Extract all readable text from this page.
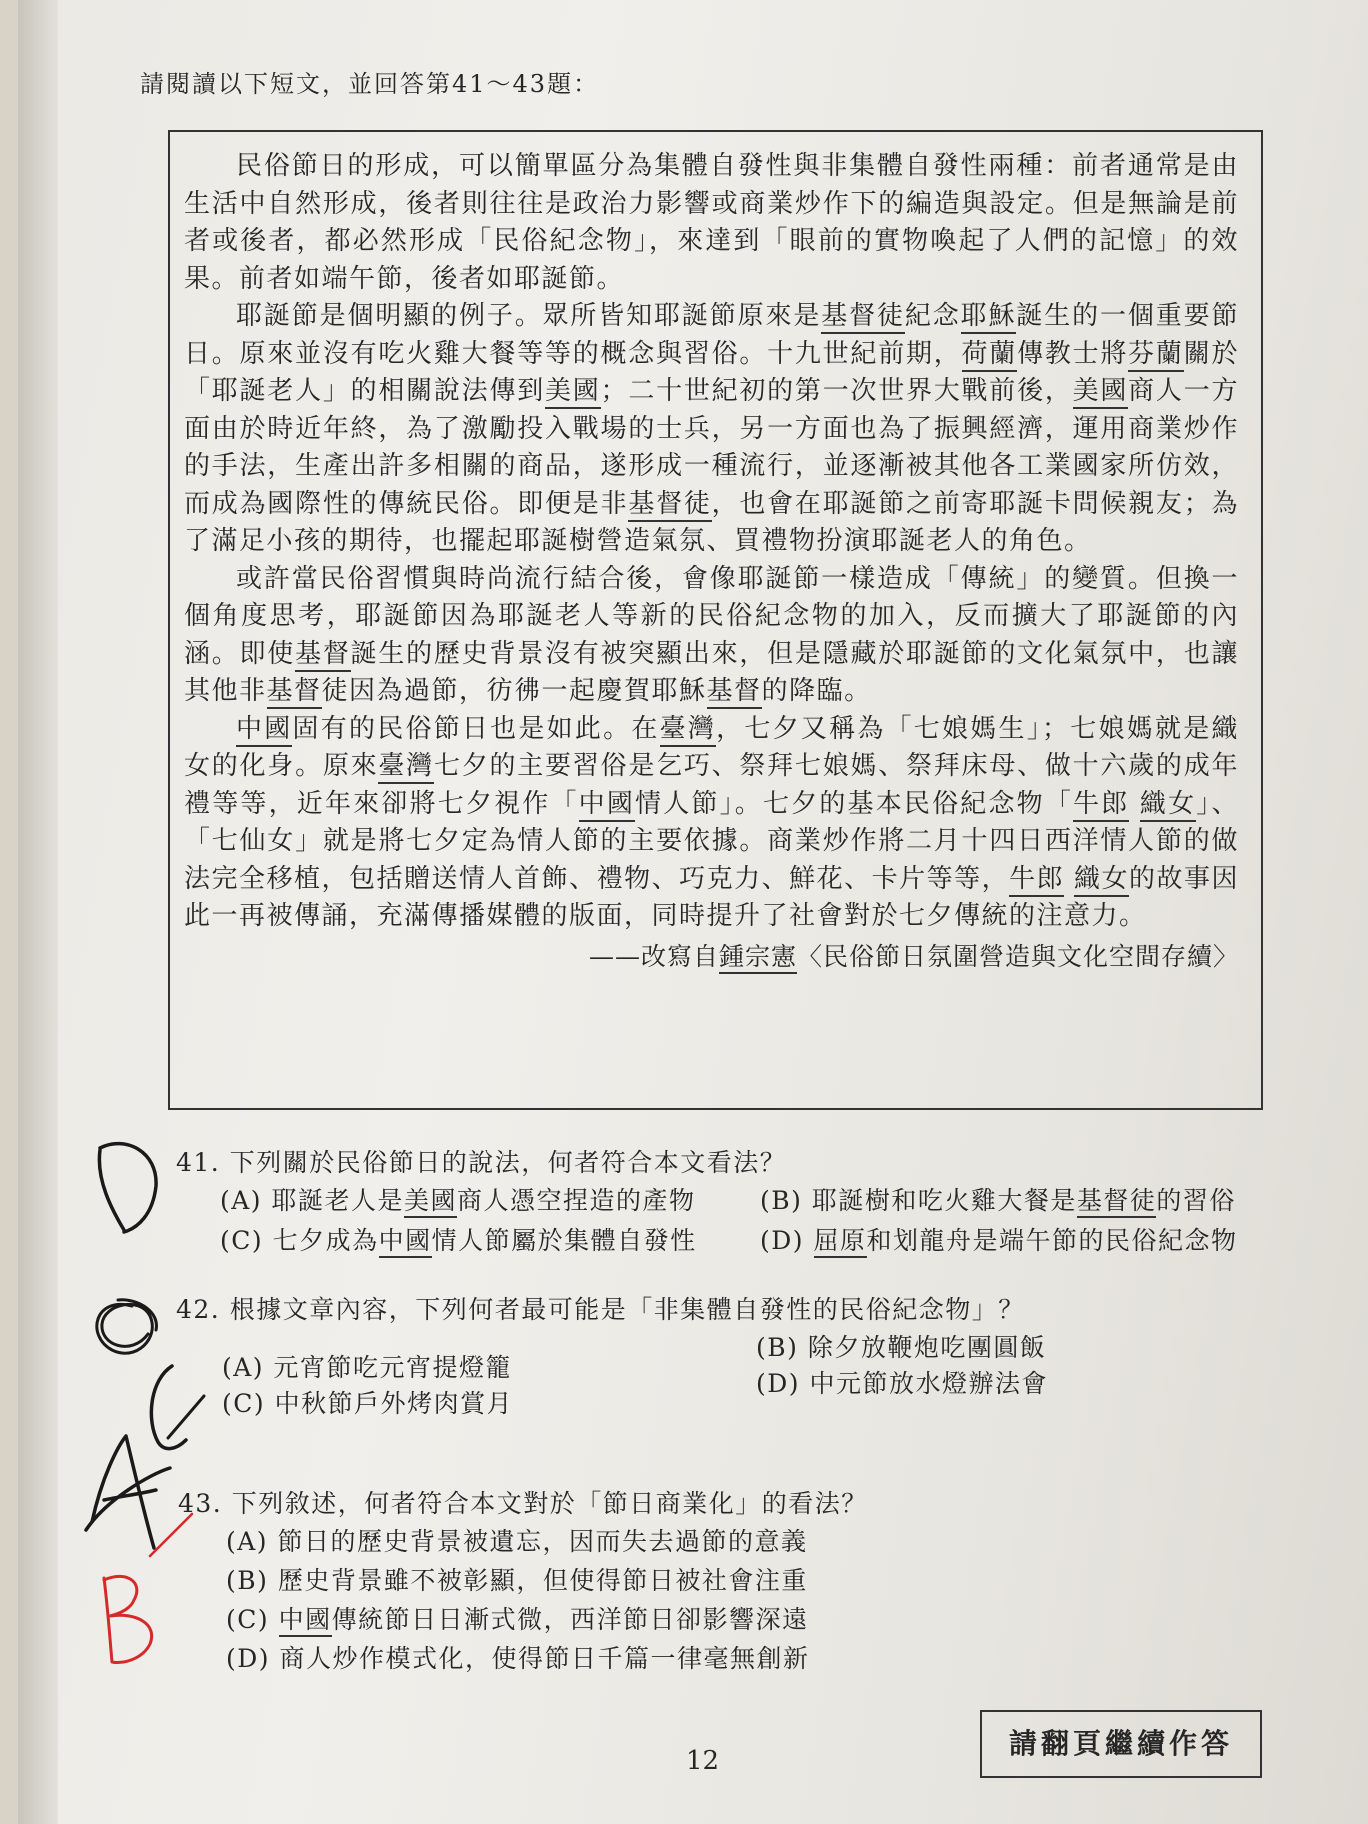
請閱讀以下短文，並回答第41～43題：

民俗節日的形成，可以簡單區分為集體自發性與非集體自發性兩種：前者通常是由生活中自然形成，後者則往往是政治力影響或商業炒作下的編造與設定。但是無論是前者或後者，都必然形成「民俗紀念物」，來達到「眼前的實物喚起了人們的記憶」的效果。前者如端午節，後者如耶誕節。

耶誕節是個明顯的例子。眾所皆知耶誕節原來是基督徒紀念耶穌誕生的一個重要節日。原來並沒有吃火雞大餐等等的概念與習俗。十九世紀前期，荷蘭傳教士將芬蘭關於「耶誕老人」的相關說法傳到美國；二十世紀初的第一次世界大戰前後，美國商人一方面由於時近年終，為了激勵投入戰場的士兵，另一方面也為了振興經濟，運用商業炒作的手法，生產出許多相關的商品，遂形成一種流行，並逐漸被其他各工業國家所仿效，而成為國際性的傳統民俗。即便是非基督徒，也會在耶誕節之前寄耶誕卡問候親友；為了滿足小孩的期待，也擺起耶誕樹營造氣氛、買禮物扮演耶誕老人的角色。

或許當民俗習慣與時尚流行結合後，會像耶誕節一樣造成「傳統」的變質。但換一個角度思考，耶誕節因為耶誕老人等新的民俗紀念物的加入，反而擴大了耶誕節的內涵。即使基督誕生的歷史背景沒有被突顯出來，但是隱藏於耶誕節的文化氣氛中，也讓其他非基督徒因為過節，彷彿一起慶賀耶穌基督的降臨。

中國固有的民俗節日也是如此。在臺灣，七夕又稱為「七娘媽生」；七娘媽就是織女的化身。原來臺灣七夕的主要習俗是乞巧、祭拜七娘媽、祭拜床母、做十六歲的成年禮等等，近年來卻將七夕視作「中國情人節」。七夕的基本民俗紀念物「牛郎 織女」、「七仙女」就是將七夕定為情人節的主要依據。商業炒作將二月十四日西洋情人節的做法完全移植，包括贈送情人首飾、禮物、巧克力、鮮花、卡片等等，牛郎 織女的故事因此一再被傳誦，充滿傳播媒體的版面，同時提升了社會對於七夕傳統的注意力。

——改寫自鍾宗憲〈民俗節日氛圍營造與文化空間存續〉
41. 下列關於民俗節日的說法，何者符合本文看法？
(A) 耶誕老人是美國商人憑空捏造的產物	(B) 耶誕樹和吃火雞大餐是基督徒的習俗
(C) 七夕成為中國情人節屬於集體自發性	(D) 屈原和划龍舟是端午節的民俗紀念物
42. 根據文章內容，下列何者最可能是「非集體自發性的民俗紀念物」？
(A) 元宵節吃元宵提燈籠
(B) 除夕放鞭炮吃團圓飯
(C) 中秋節戶外烤肉賞月
(D) 中元節放水燈辦法會
43. 下列敘述，何者符合本文對於「節日商業化」的看法？
(A) 節日的歷史背景被遺忘，因而失去過節的意義
(B) 歷史背景雖不被彰顯，但使得節日被社會注重
(C) 中國傳統節日日漸式微，西洋節日卻影響深遠
(D) 商人炒作模式化，使得節日千篇一律毫無創新
12
請翻頁繼續作答
